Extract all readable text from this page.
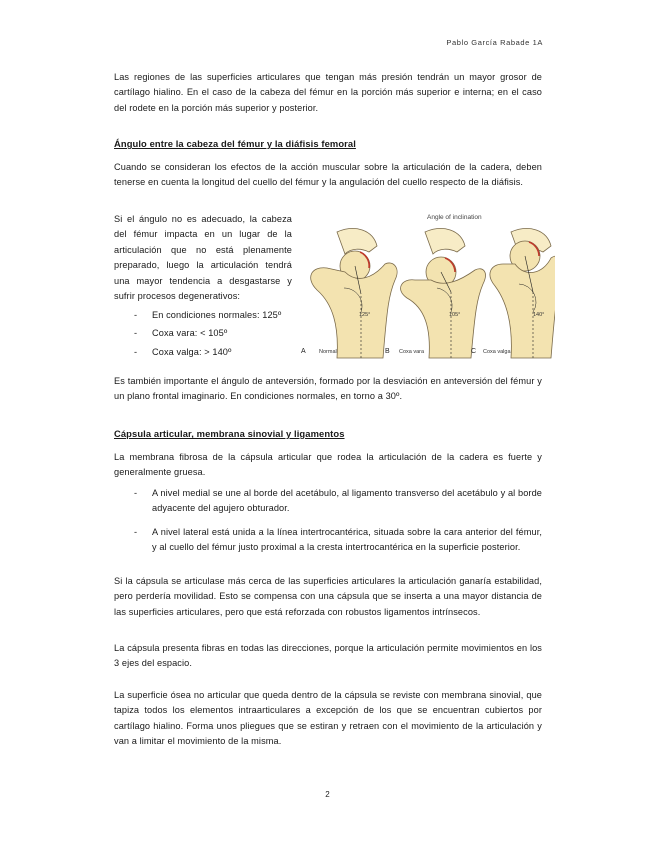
Pablo García Rabade 1A
Las regiones de las superficies articulares que tengan más presión tendrán un mayor grosor de cartílago hialino. En el caso de la cabeza del fémur en la porción más superior e interna; en el caso del rodete en la porción más superior y posterior.
Ángulo entre la cabeza del fémur y la diáfisis femoral
Cuando se consideran los efectos de la acción muscular sobre la articulación de la cadera, deben tenerse en cuenta la longitud del cuello del fémur y la angulación del cuello respecto de la diáfisis.
Si el ángulo no es adecuado, la cabeza del fémur impacta en un lugar de la articulación que no está plenamente preparado, luego la articulación tendrá una mayor tendencia a desgastarse y sufrir procesos degenerativos:
- En condiciones normales: 125º
- Coxa vara: < 105º
- Coxa valga: > 140º
Angle of inclination
125°
A Normal
105°
B Coxa vara
140°
C Coxa valga
Es también importante el ángulo de anteversión, formado por la desviación en anteversión del fémur y un plano frontal imaginario. En condiciones normales, en torno a 30º.
Cápsula articular, membrana sinovial y ligamentos
La membrana fibrosa de la cápsula articular que rodea la articulación de la cadera es fuerte y generalmente gruesa.
- A nivel medial se une al borde del acetábulo, al ligamento transverso del acetábulo y al borde adyacente del agujero obturador.
- A nivel lateral está unida a la línea intertrocantérica, situada sobre la cara anterior del fémur, y al cuello del fémur justo proximal a la cresta intertrocantérica en la superficie posterior.
Si la cápsula se articulase más cerca de las superficies articulares la articulación ganaría estabilidad, pero perdería movilidad. Esto se compensa con una cápsula que se inserta a una mayor distancia de las superficies articulares, pero que está reforzada con robustos ligamentos intrínsecos.
La cápsula presenta fibras en todas las direcciones, porque la articulación permite movimientos en los 3 ejes del espacio.
La superficie ósea no articular que queda dentro de la cápsula se reviste con membrana sinovial, que tapiza todos los elementos intraarticulares a excepción de los que se encuentran cubiertos por cartílago hialino. Forma unos pliegues que se estiran y retraen con el movimiento de la articulación y van a limitar el movimiento de la misma.
2
